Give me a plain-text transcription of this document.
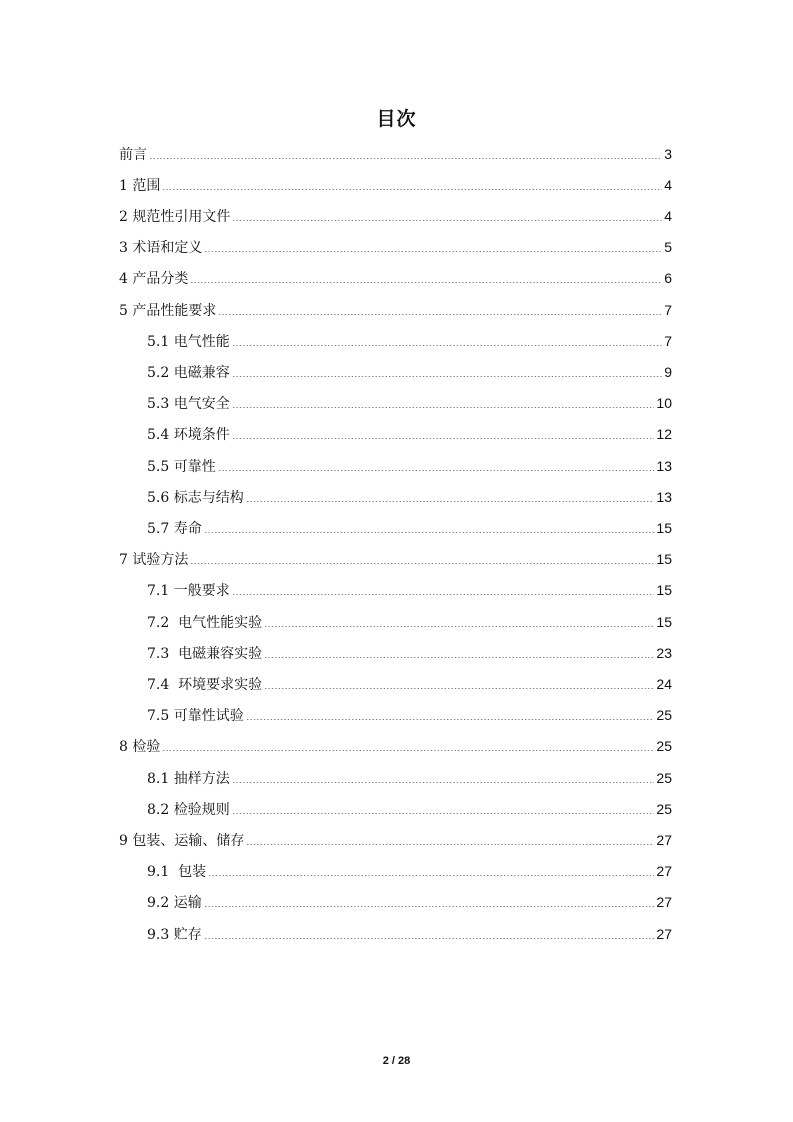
目次
前言	3
1 范围	4
2 规范性引用文件	4
3 术语和定义	5
4 产品分类	6
5 产品性能要求	7
5.1 电气性能	7
5.2 电磁兼容	9
5.3 电气安全	10
5.4 环境条件	12
5.5 可靠性	13
5.6 标志与结构	13
5.7 寿命	15
7 试验方法	15
7.1 一般要求	15
7.2  电气性能实验	15
7.3  电磁兼容实验	23
7.4  环境要求实验	24
7.5 可靠性试验	25
8 检验	25
8.1 抽样方法	25
8.2 检验规则	25
9 包装、运输、储存	27
9.1  包装	27
9.2 运输	27
9.3 贮存	27
2 / 28
